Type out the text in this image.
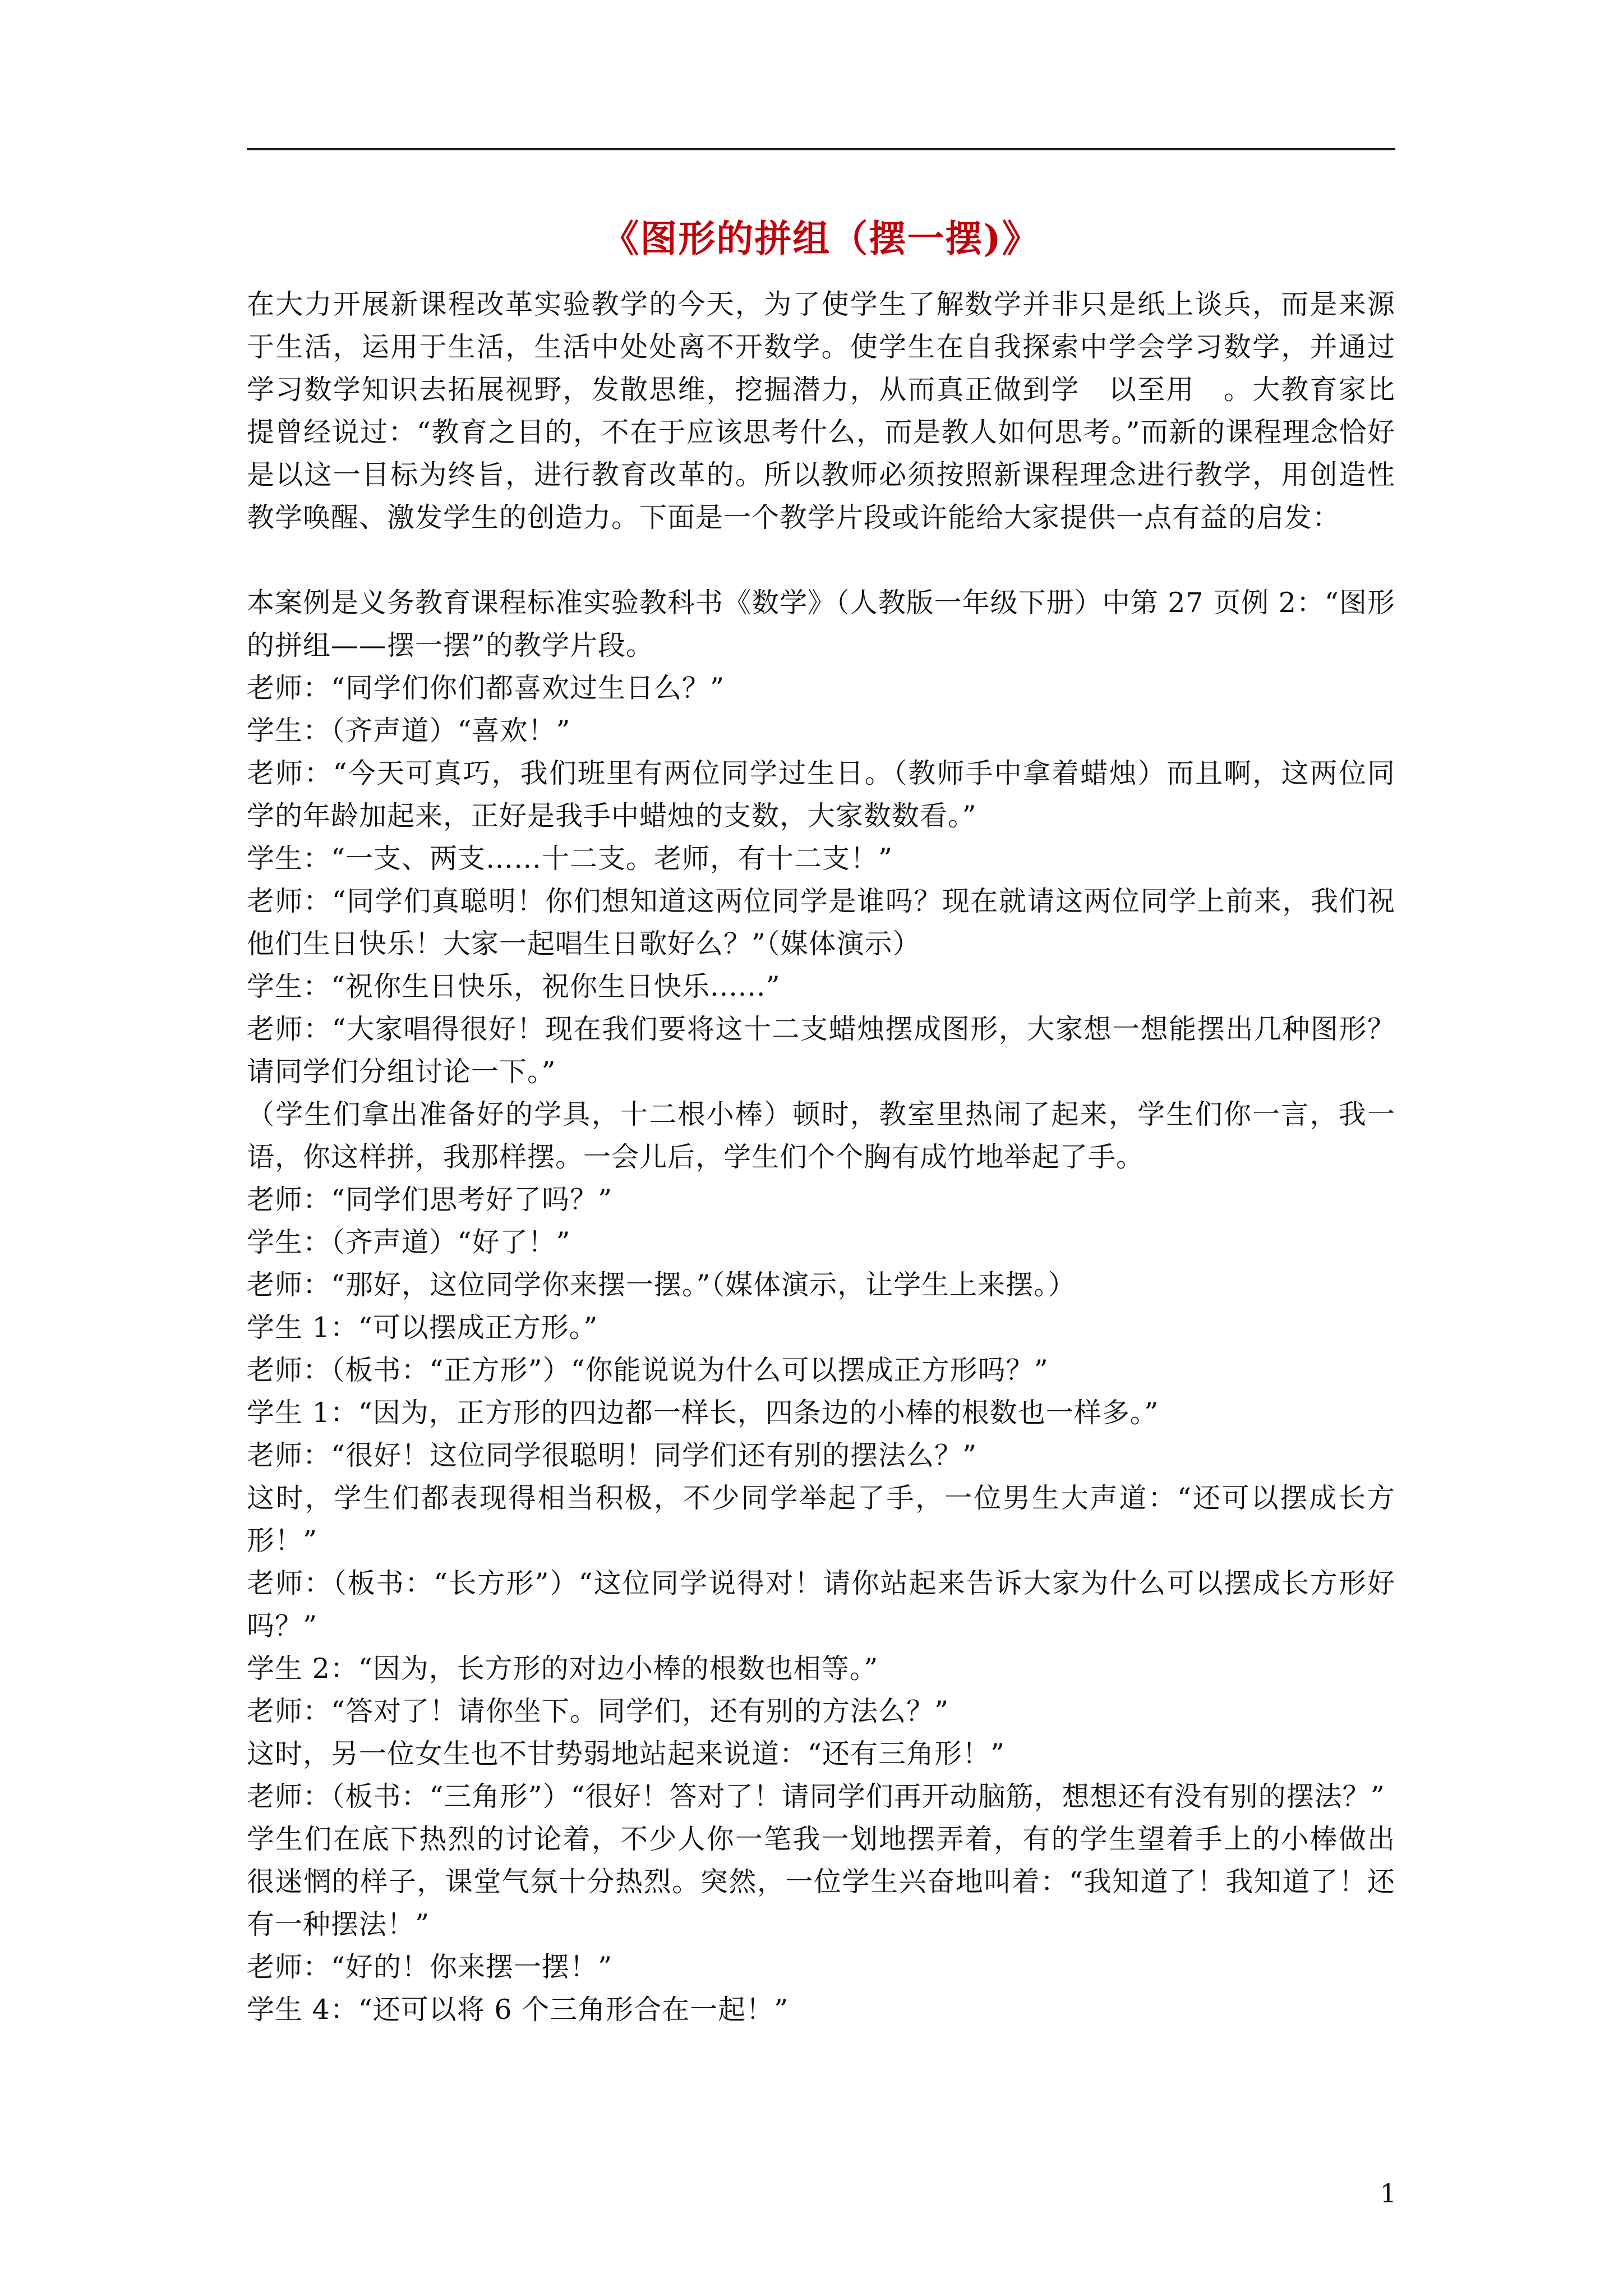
《图形的拼组（摆一摆)》

在大力开展新课程改革实验教学的今天，为了使学生了解数学并非只是纸上谈兵，而是来源于生活，运用于生活，生活中处处离不开数学。使学生在自我探索中学会学习数学，并通过学习数学知识去拓展视野，发散思维，挖掘潜力，从而真正做到学　以至用　。大教育家比提曾经说过：“教育之目的，不在于应该思考什么，而是教人如何思考。”而新的课程理念恰好是以这一目标为终旨，进行教育改革的。所以教师必须按照新课程理念进行教学，用创造性教学唤醒、激发学生的创造力。下面是一个教学片段或许能给大家提供一点有益的启发：

本案例是义务教育课程标准实验教科书《数学》（人教版一年级下册）中第 27 页例 2：“图形的拼组——摆一摆”的教学片段。

老师：“同学们你们都喜欢过生日么？”

学生：（齐声道）“喜欢！”

老师：“今天可真巧，我们班里有两位同学过生日。（教师手中拿着蜡烛）而且啊，这两位同学的年龄加起来，正好是我手中蜡烛的支数，大家数数看。”

学生：“一支、两支……十二支。老师，有十二支！”

老师：“同学们真聪明！你们想知道这两位同学是谁吗？现在就请这两位同学上前来，我们祝他们生日快乐！大家一起唱生日歌好么？”（媒体演示）

学生：“祝你生日快乐，祝你生日快乐......”

老师：“大家唱得很好！现在我们要将这十二支蜡烛摆成图形，大家想一想能摆出几种图形？请同学们分组讨论一下。”

（学生们拿出准备好的学具，十二根小棒）顿时，教室里热闹了起来，学生们你一言，我一语，你这样拼，我那样摆。一会儿后，学生们个个胸有成竹地举起了手。

老师：“同学们思考好了吗？”

学生：（齐声道）“好了！”

老师：“那好，这位同学你来摆一摆。”（媒体演示，让学生上来摆。）

学生 1：“可以摆成正方形。”

老师：（板书：“正方形”）“你能说说为什么可以摆成正方形吗？”

学生 1：“因为，正方形的四边都一样长，四条边的小棒的根数也一样多。”

老师：“很好！这位同学很聪明！同学们还有别的摆法么？”

这时，学生们都表现得相当积极，不少同学举起了手，一位男生大声道：“还可以摆成长方形！”

老师：（板书：“长方形”）“这位同学说得对！请你站起来告诉大家为什么可以摆成长方形好吗？”

学生 2：“因为，长方形的对边小棒的根数也相等。”

老师：“答对了！请你坐下。同学们，还有别的方法么？”

这时，另一位女生也不甘势弱地站起来说道：“还有三角形！”

老师：（板书：“三角形”）“很好！答对了！请同学们再开动脑筋，想想还有没有别的摆法？”

学生们在底下热烈的讨论着，不少人你一笔我一划地摆弄着，有的学生望着手上的小棒做出很迷惘的样子，课堂气氛十分热烈。突然，一位学生兴奋地叫着：“我知道了！我知道了！还有一种摆法！”

老师：“好的！你来摆一摆！”

学生 4：“还可以将 6 个三角形合在一起！”

1
